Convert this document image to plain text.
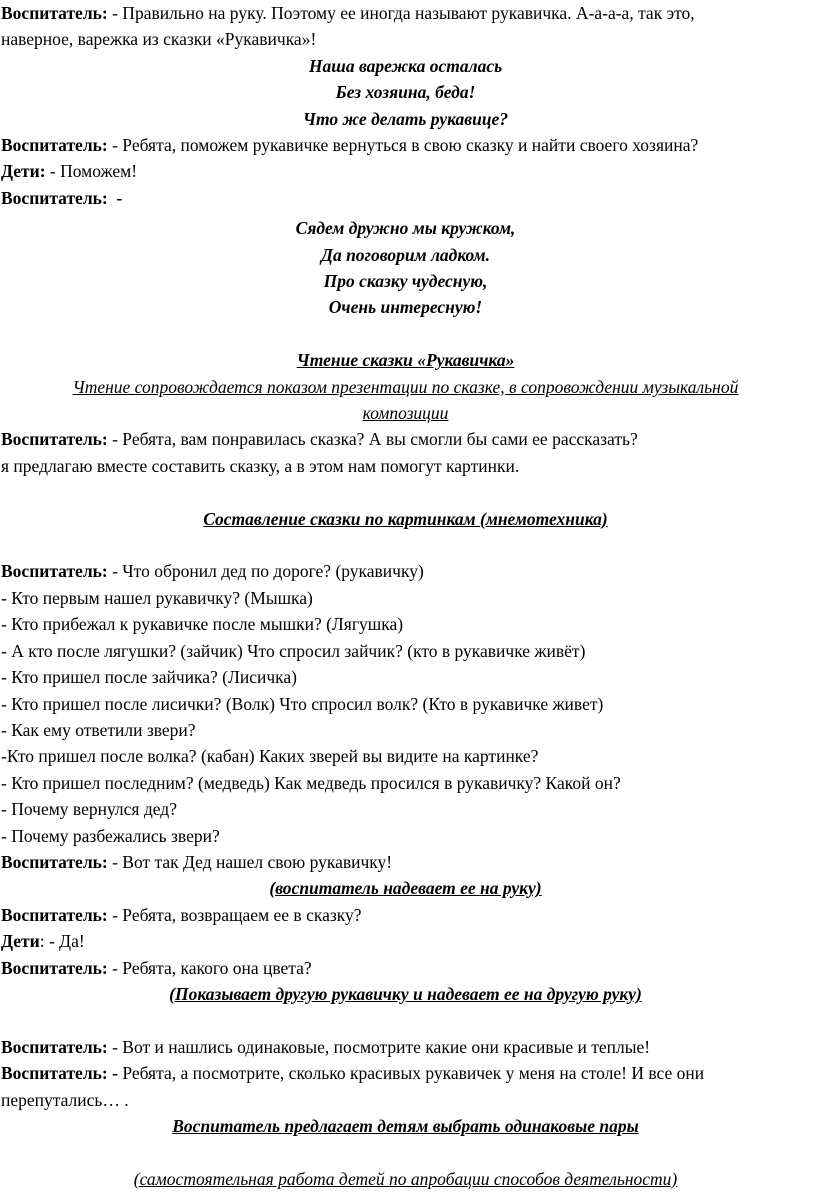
Воспитатель: - Правильно на руку. Поэтому ее иногда называют рукавичка. А-а-а-а, так это,
наверное, варежка из сказки «Рукавичка»!
Наша варежка осталась
Без хозяина, беда!
Что же делать рукавице?
Воспитатель: - Ребята, поможем рукавичке вернуться в свою сказку и найти своего хозяина?
Дети: - Поможем!
Воспитатель:  -
Сядем дружно мы кружком,
Да поговорим ладком.
Про сказку чудесную,
Очень интересную!
Чтение сказки «Рукавичка»
Чтение сопровождается показом презентации по сказке, в сопровождении музыкальной
композиции
Воспитатель: - Ребята, вам понравилась сказка? А вы смогли бы сами ее рассказать?
я предлагаю вместе составить сказку, а в этом нам помогут картинки.
Составление сказки по картинкам (мнемотехника)
Воспитатель: - Что обронил дед по дороге? (рукавичку)
- Кто первым нашел рукавичку? (Мышка)
- Кто прибежал к рукавичке после мышки? (Лягушка)
- А кто после лягушки? (зайчик) Что спросил зайчик? (кто в рукавичке живёт)
- Кто пришел после зайчика? (Лисичка)
- Кто пришел после лисички? (Волк) Что спросил волк? (Кто в рукавичке живет)
- Как ему ответили звери?
-Кто пришел после волка? (кабан) Каких зверей вы видите на картинке?
- Кто пришел последним? (медведь) Как медведь просился в рукавичку? Какой он?
- Почему вернулся дед?
- Почему разбежались звери?
Воспитатель: - Вот так Дед нашел свою рукавичку!
(воспитатель надевает ее на руку)
Воспитатель: - Ребята, возвращаем ее в сказку?
Дети: - Да!
Воспитатель: - Ребята, какого она цвета?
(Показывает другую рукавичку и надевает ее на другую руку)
Воспитатель: - Вот и нашлись одинаковые, посмотрите какие они красивые и теплые!
Воспитатель: - Ребята, а посмотрите, сколько красивых рукавичек у меня на столе! И все они
перепутались… .
Воспитатель предлагает детям выбрать одинаковые пары
(самостоятельная работа детей по апробации способов деятельности)
